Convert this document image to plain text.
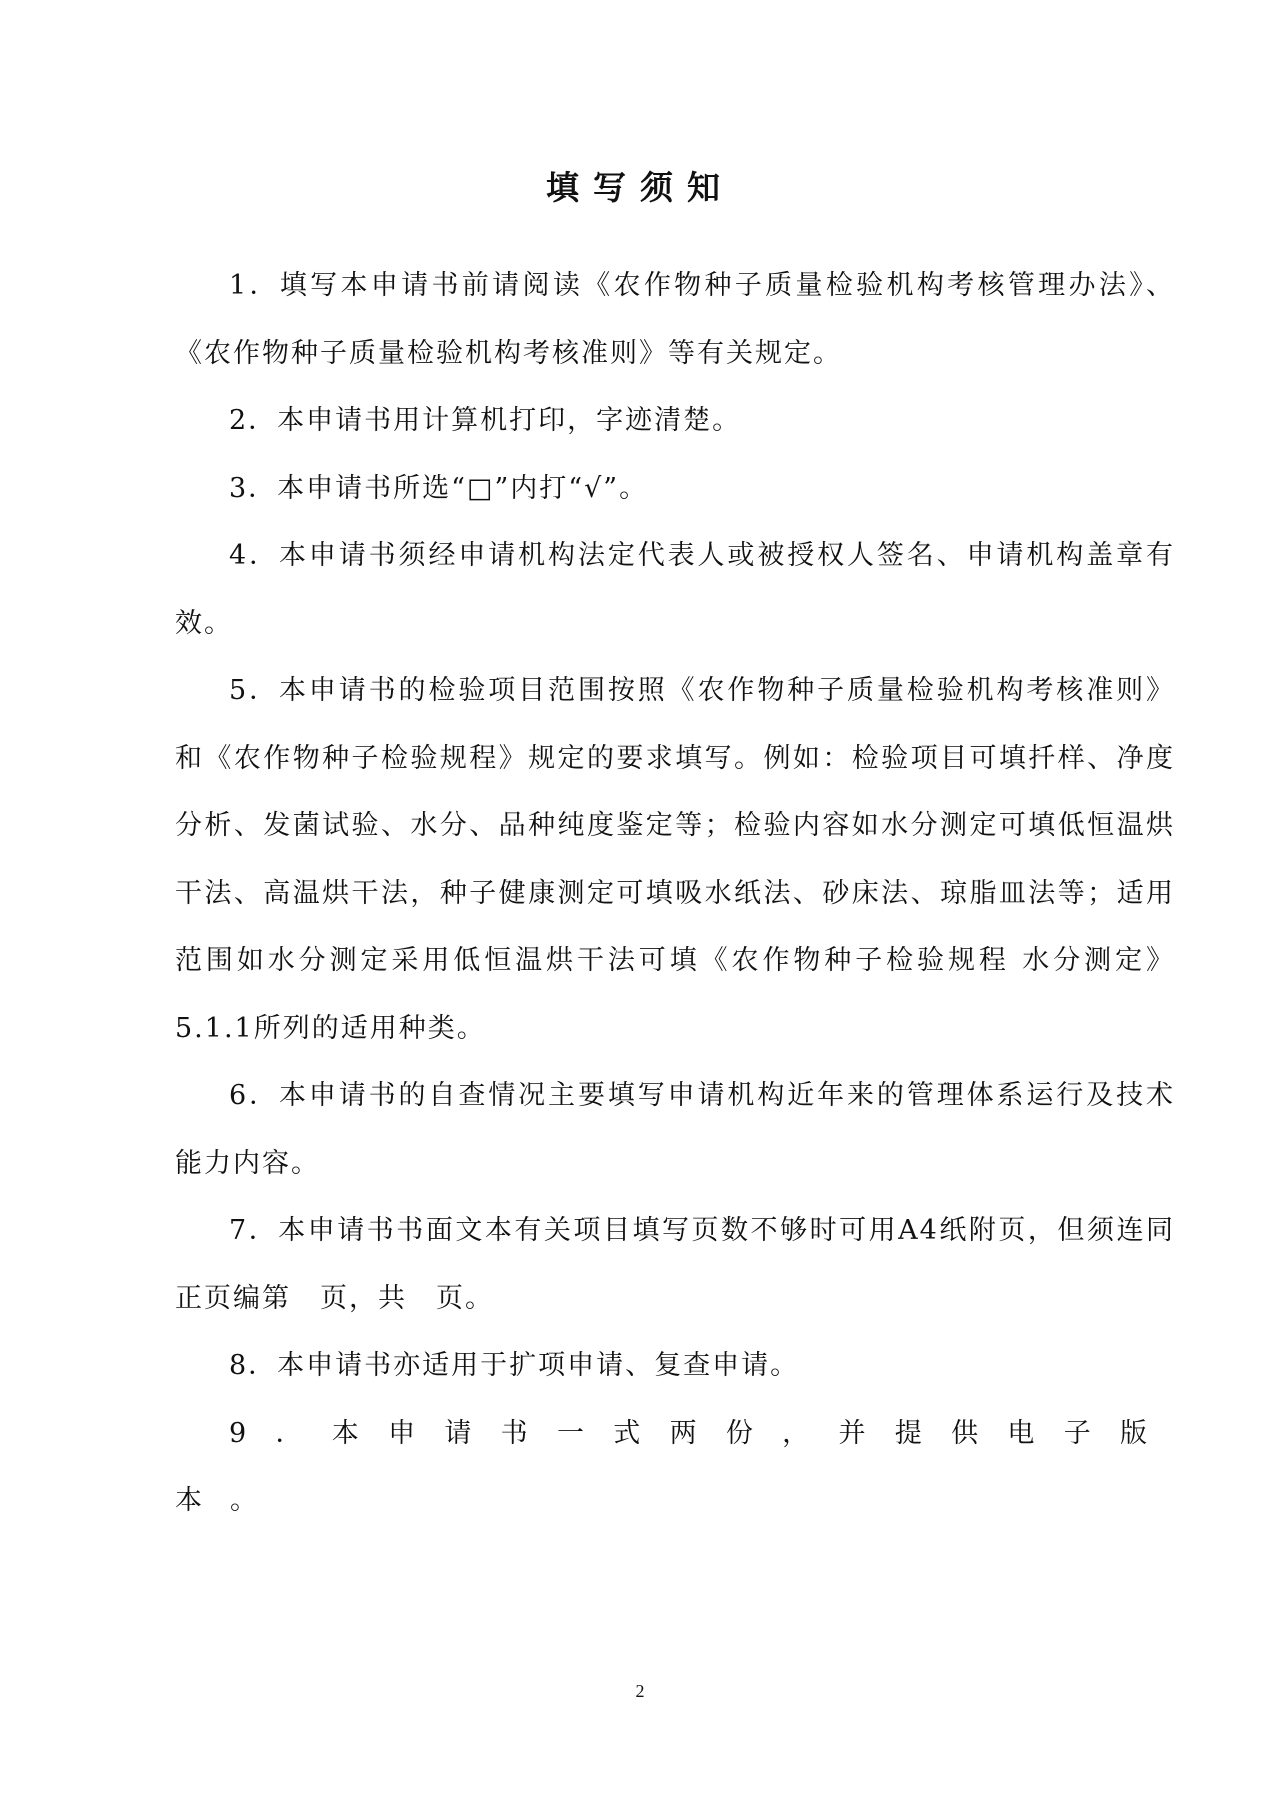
填写须知

1．填写本申请书前请阅读《农作物种子质量检验机构考核管理办法》、《农作物种子质量检验机构考核准则》等有关规定。

2．本申请书用计算机打印，字迹清楚。

3．本申请书所选“□”内打“√”。

4．本申请书须经申请机构法定代表人或被授权人签名、申请机构盖章有效。

5．本申请书的检验项目范围按照《农作物种子质量检验机构考核准则》和《农作物种子检验规程》规定的要求填写。例如：检验项目可填扦样、净度分析、发菌试验、水分、品种纯度鉴定等；检验内容如水分测定可填低恒温烘干法、高温烘干法，种子健康测定可填吸水纸法、砂床法、琼脂皿法等；适用范围如水分测定采用低恒温烘干法可填《农作物种子检验规程 水分测定》5.1.1所列的适用种类。

6．本申请书的自查情况主要填写申请机构近年来的管理体系运行及技术能力内容。

7．本申请书书面文本有关项目填写页数不够时可用A4纸附页，但须连同正页编第　页，共　页。

8．本申请书亦适用于扩项申请、复查申请。

9．本申请书一式两份，并提供电子版本。

2
